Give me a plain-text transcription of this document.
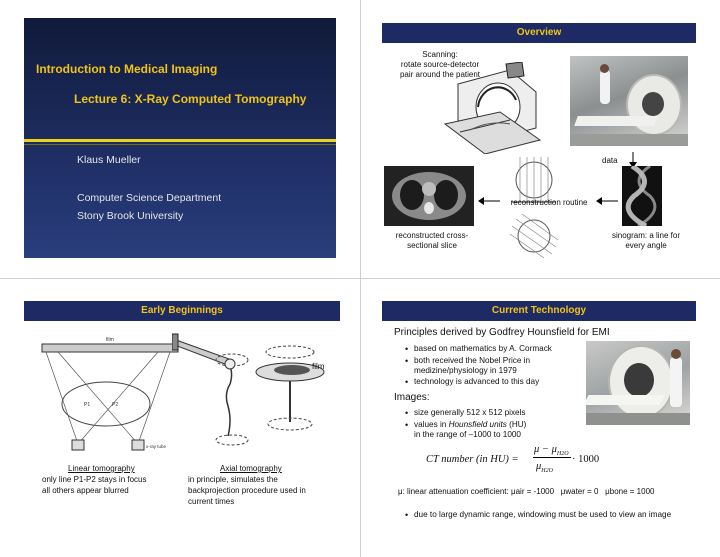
Introduction to Medical Imaging
Lecture 6: X-Ray Computed Tomography
Klaus Mueller
Computer Science Department
Stony Brook University
Overview
Scanning:
rotate source-detector
pair around the patient
data
reconstruction routine
reconstructed cross-
sectional slice
sinogram: a line for
every angle
Early Beginnings
film
P1	P2
x-ray tube
film
Linear tomography
only line P1-P2 stays in focus
all others appear blurred
Axial tomography
in principle, simulates the
backprojection procedure used in
current times
Current Technology
Principles derived by Godfrey Hounsfield for EMI
• based on mathematics by A. Cormack
• both received the Nobel Price in medizine/physiology in 1979
• technology is advanced to this day
Images:
• size generally 512 x 512 pixels
• values in Hounsfield units (HU)
in the range of –1000 to 1000
CT number (in HU) =
$\mu - \mu_{H2O}$
$\mu_{H2O}$
· 1000
μ: linear attenuation coefficient: μair = -1000 μwater = 0 μbone = 1000
• due to large dynamic range, windowing must be used to view an image
